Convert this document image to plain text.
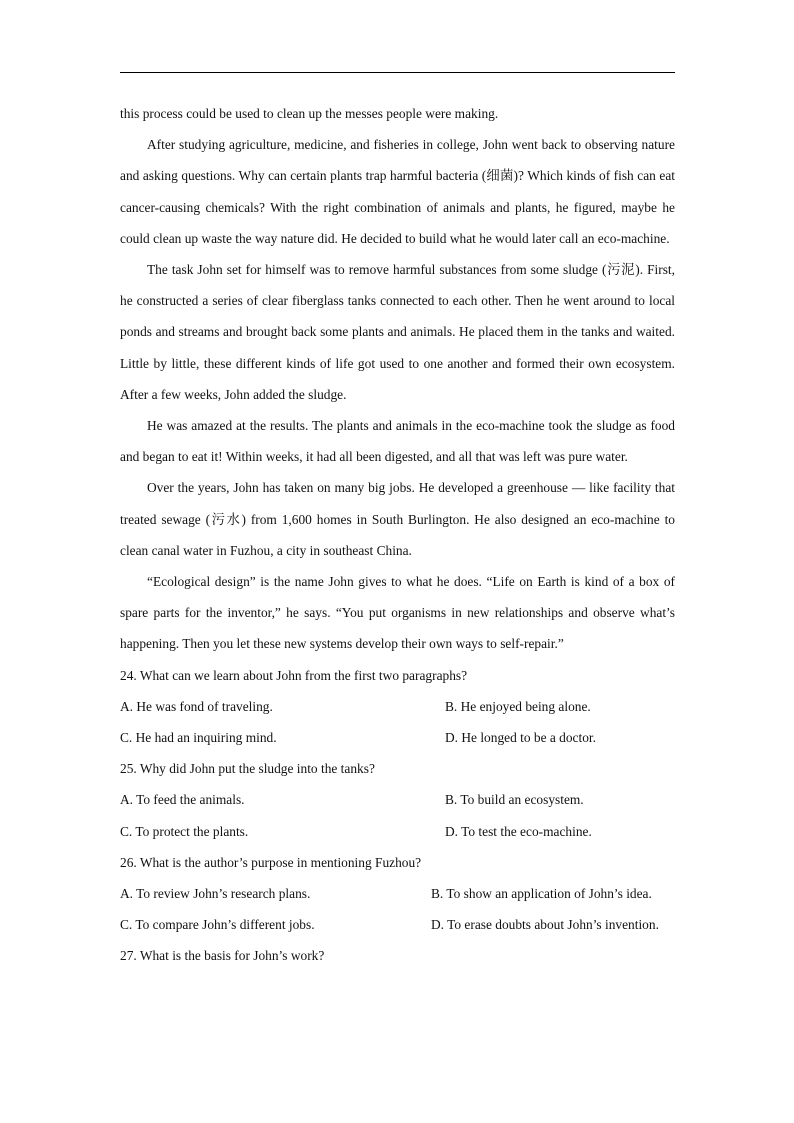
this process could be used to clean up the messes people were making.

After studying agriculture, medicine, and fisheries in college, John went back to observing nature and asking questions. Why can certain plants trap harmful bacteria (细菌)? Which kinds of fish can eat cancer-causing chemicals? With the right combination of animals and plants, he figured, maybe he could clean up waste the way nature did. He decided to build what he would later call an eco-machine.

The task John set for himself was to remove harmful substances from some sludge (污泥). First, he constructed a series of clear fiberglass tanks connected to each other. Then he went around to local ponds and streams and brought back some plants and animals. He placed them in the tanks and waited. Little by little, these different kinds of life got used to one another and formed their own ecosystem. After a few weeks, John added the sludge.

He was amazed at the results. The plants and animals in the eco-machine took the sludge as food and began to eat it! Within weeks, it had all been digested, and all that was left was pure water.

Over the years, John has taken on many big jobs. He developed a greenhouse — like facility that treated sewage (污水) from 1,600 homes in South Burlington. He also designed an eco-machine to clean canal water in Fuzhou, a city in southeast China.

“Ecological design” is the name John gives to what he does. “Life on Earth is kind of a box of spare parts for the inventor,” he says. “You put organisms in new relationships and observe what’s happening. Then you let these new systems develop their own ways to self-repair.”

24. What can we learn about John from the first two paragraphs?

A. He was fond of traveling.	B. He enjoyed being alone.
C. He had an inquiring mind.	D. He longed to be a doctor.

25. Why did John put the sludge into the tanks?

A. To feed the animals.	B. To build an ecosystem.
C. To protect the plants.	D. To test the eco-machine.

26. What is the author’s purpose in mentioning Fuzhou?

A. To review John’s research plans.	B. To show an application of John’s idea.
C. To compare John’s different jobs.	D. To erase doubts about John’s invention.

27. What is the basis for John’s work?
